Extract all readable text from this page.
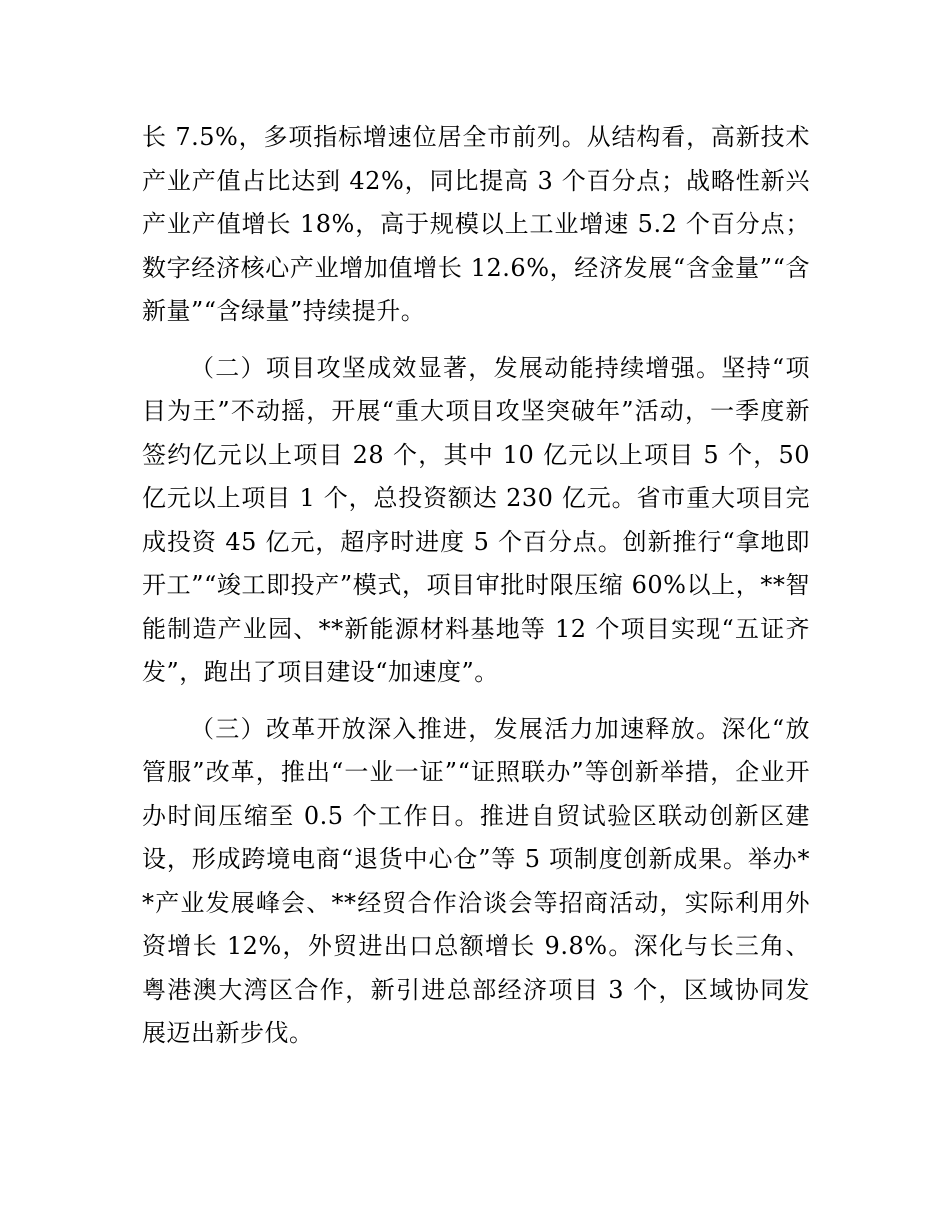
长 7.5%，多项指标增速位居全市前列。从结构看，高新技术产业产值占比达到 42%，同比提高 3 个百分点；战略性新兴产业产值增长 18%，高于规模以上工业增速 5.2 个百分点；数字经济核心产业增加值增长 12.6%，经济发展“含金量”“含新量”“含绿量”持续提升。

（二）项目攻坚成效显著，发展动能持续增强。坚持“项目为王”不动摇，开展“重大项目攻坚突破年”活动，一季度新签约亿元以上项目 28 个，其中 10 亿元以上项目 5 个，50 亿元以上项目 1 个，总投资额达 230 亿元。省市重大项目完成投资 45 亿元，超序时进度 5 个百分点。创新推行“拿地即开工”“竣工即投产”模式，项目审批时限压缩 60%以上，**智能制造产业园、**新能源材料基地等 12 个项目实现“五证齐发”，跑出了项目建设“加速度”。

（三）改革开放深入推进，发展活力加速释放。深化“放管服”改革，推出“一业一证”“证照联办”等创新举措，企业开办时间压缩至 0.5 个工作日。推进自贸试验区联动创新区建设，形成跨境电商“退货中心仓”等 5 项制度创新成果。举办**产业发展峰会、**经贸合作洽谈会等招商活动，实际利用外资增长 12%，外贸进出口总额增长 9.8%。深化与长三角、粤港澳大湾区合作，新引进总部经济项目 3 个，区域协同发展迈出新步伐。
